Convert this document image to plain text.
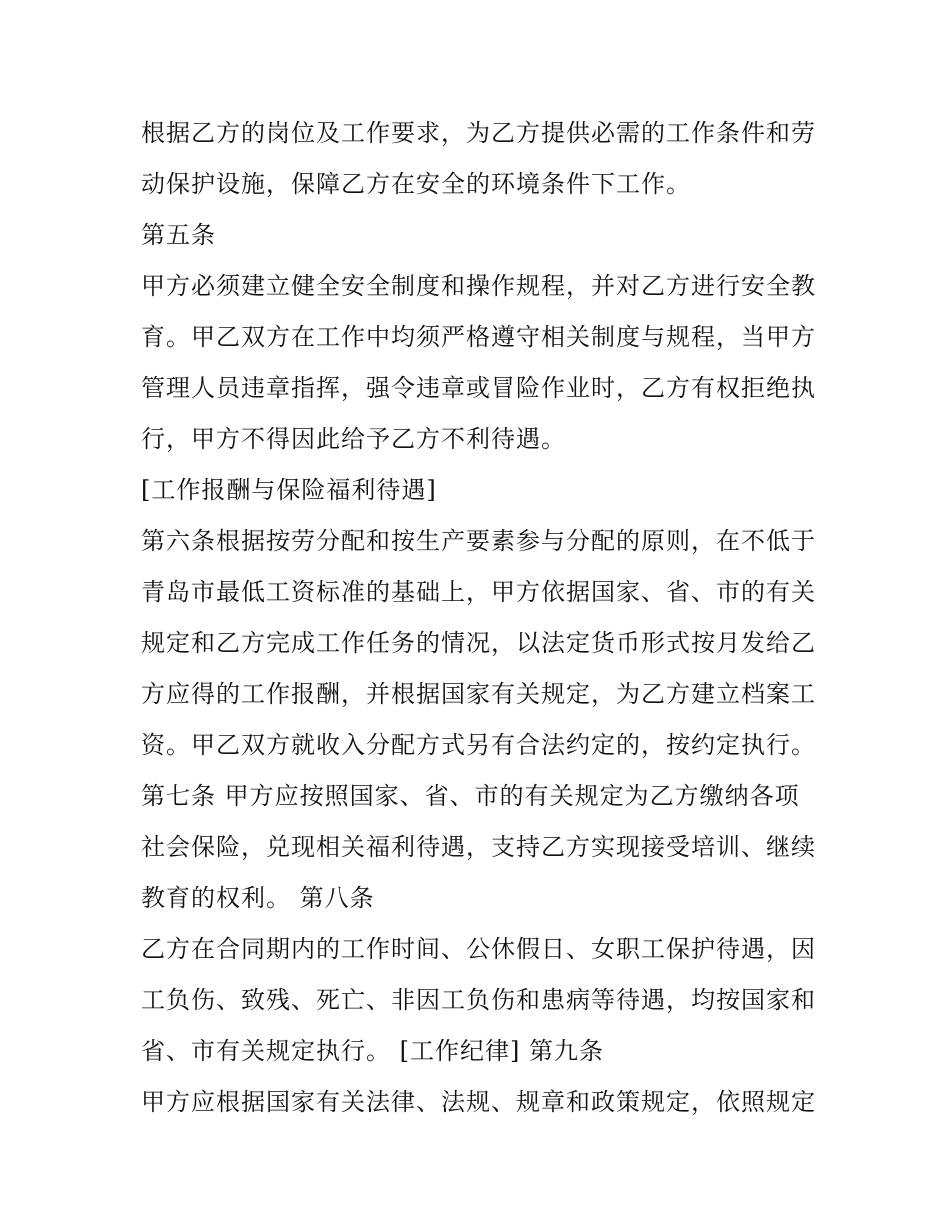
根据乙方的岗位及工作要求，为乙方提供必需的工作条件和劳
动保护设施，保障乙方在安全的环境条件下工作。
第五条
甲方必须建立健全安全制度和操作规程，并对乙方进行安全教
育。甲乙双方在工作中均须严格遵守相关制度与规程，当甲方
管理人员违章指挥，强令违章或冒险作业时，乙方有权拒绝执
行，甲方不得因此给予乙方不利待遇。
[工作报酬与保险福利待遇]
第六条根据按劳分配和按生产要素参与分配的原则，在不低于
青岛市最低工资标准的基础上，甲方依据国家、省、市的有关
规定和乙方完成工作任务的情况，以法定货币形式按月发给乙
方应得的工作报酬，并根据国家有关规定，为乙方建立档案工
资。甲乙双方就收入分配方式另有合法约定的，按约定执行。
第七条 甲方应按照国家、省、市的有关规定为乙方缴纳各项
社会保险，兑现相关福利待遇，支持乙方实现接受培训、继续
教育的权利。 第八条
乙方在合同期内的工作时间、公休假日、女职工保护待遇，因
工负伤、致残、死亡、非因工负伤和患病等待遇，均按国家和
省、市有关规定执行。 [工作纪律] 第九条
甲方应根据国家有关法律、法规、规章和政策规定，依照规定
